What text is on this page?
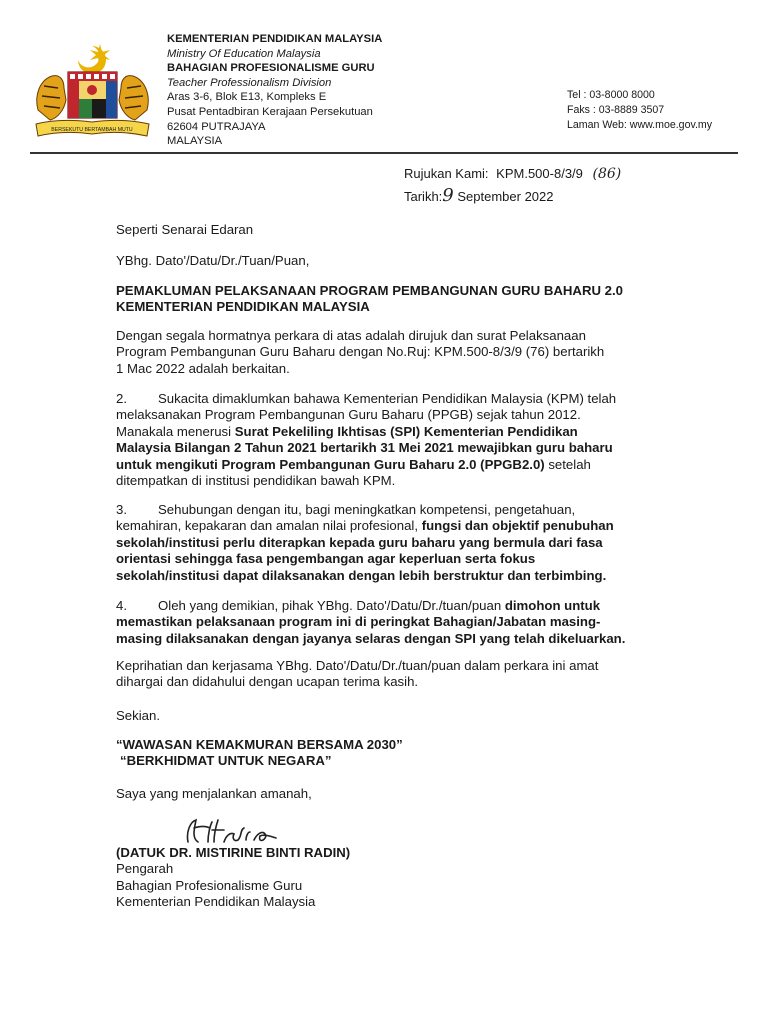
BERSEKUTU BERTAMBAH MUTU
KEMENTERIAN PENDIDIKAN MALAYSIA
Ministry Of Education Malaysia
BAHAGIAN PROFESIONALISME GURU
Teacher Professionalism Division
Aras 3-6, Blok E13, Kompleks E
Pusat Pentadbiran Kerajaan Persekutuan
62604 PUTRAJAYA
MALAYSIA
Tel : 03-8000 8000
Faks : 03-8889 3507
Laman Web: www.moe.gov.my
Rujukan Kami: KPM.500-8/3/9 (86)
Tarikh:9 September 2022
Seperti Senarai Edaran
YBhg. Dato'/Datu/Dr./Tuan/Puan,
PEMAKLUMAN PELAKSANAAN PROGRAM PEMBANGUNAN GURU BAHARU 2.0
KEMENTERIAN PENDIDIKAN MALAYSIA
Dengan segala hormatnya perkara di atas adalah dirujuk dan surat Pelaksanaan
Program Pembangunan Guru Baharu dengan No.Ruj: KPM.500-8/3/9 (76) bertarikh
1 Mac 2022 adalah berkaitan.
2. Sukacita dimaklumkan bahawa Kementerian Pendidikan Malaysia (KPM) telah
melaksanakan Program Pembangunan Guru Baharu (PPGB) sejak tahun 2012.
Manakala menerusi Surat Pekeliling Ikhtisas (SPI) Kementerian Pendidikan
Malaysia Bilangan 2 Tahun 2021 bertarikh 31 Mei 2021 mewajibkan guru baharu
untuk mengikuti Program Pembangunan Guru Baharu 2.0 (PPGB2.0) setelah
ditempatkan di institusi pendidikan bawah KPM.
3. Sehubungan dengan itu, bagi meningkatkan kompetensi, pengetahuan,
kemahiran, kepakaran dan amalan nilai profesional, fungsi dan objektif penubuhan
sekolah/institusi perlu diterapkan kepada guru baharu yang bermula dari fasa
orientasi sehingga fasa pengembangan agar keperluan serta fokus
sekolah/institusi dapat dilaksanakan dengan lebih berstruktur dan terbimbing.
4. Oleh yang demikian, pihak YBhg. Dato'/Datu/Dr./tuan/puan dimohon untuk
memastikan pelaksanaan program ini di peringkat Bahagian/Jabatan masing-
masing dilaksanakan dengan jayanya selaras dengan SPI yang telah dikeluarkan.
Keprihatian dan kerjasama YBhg. Dato'/Datu/Dr./tuan/puan dalam perkara ini amat
dihargai dan didahului dengan ucapan terima kasih.
Sekian.
“WAWASAN KEMAKMURAN BERSAMA 2030”
“BERKHIDMAT UNTUK NEGARA”
Saya yang menjalankan amanah,
(DATUK DR. MISTIRINE BINTI RADIN)
Pengarah
Bahagian Profesionalisme Guru
Kementerian Pendidikan Malaysia
